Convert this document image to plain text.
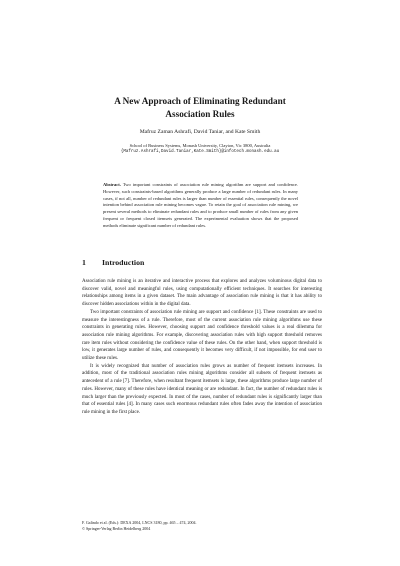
A New Approach of Eliminating Redundant
Association Rules
Mafruz Zaman Ashrafi, David Taniar, and Kate Smith
School of Business Systems, Monash University, Clayton, Vic 3800, Australia
{Mafruz.Ashrafi,David.Taniar,Kate.Smith}@infotech.monash.edu.au
Abstract. Two important constraints of association rule mining algorithm are support and confidence. However, such constraints-based algorithms generally produce a large number of redundant rules. In many cases, if not all, number of redundant rules is larger than number of essential rules, consequently the novel intention behind association rule mining becomes vague. To retain the goal of association rule mining, we present several methods to eliminate redundant rules and to produce small number of rules from any given frequent or frequent closed itemsets generated. The experimental evaluation shows that the proposed methods eliminate significant number of redundant rules.
1 Introduction

Association rule mining is an iterative and interactive process that explores and analyzes voluminous digital data to discover valid, novel and meaningful rules, using computationally efficient techniques. It searches for interesting relationships among items in a given dataset. The main advantage of association rule mining is that it has ability to discover hidden associations within in the digital data.

Two important constraints of association rule mining are support and confidence [1]. These constraints are used to measure the interestingness of a rule. Therefore, most of the current association rule mining algorithms use these constraints in generating rules. However, choosing support and confidence threshold values is a real dilemma for association rule mining algorithms. For example, discovering association rules with high support threshold removes rare item rules without considering the confidence value of these rules. On the other hand, when support threshold is low, it generates large number of rules, and consequently it becomes very difficult, if not impossible, for end user to utilize these rules.

It is widely recognized that number of association rules grows as number of frequent itemsets increases. In addition, most of the traditional association rules mining algorithms consider all subsets of frequent itemsets as antecedent of a rule [7]. Therefore, when resultant frequent itemsets is large, these algorithms produce large number of rules. However, many of these rules have identical meaning or are redundant. In fact, the number of redundant rules is much larger than the previously expected. In most of the cases, number of redundant rules is significantly larger than that of essential rules [4]. In many cases such enormous redundant rules often fades away the intention of association rule mining in the first place.

F. Galindo et al. (Eds.): DEXA 2004, LNCS 3180, pp. 465 – 474, 2004.
© Springer-Verlag Berlin Heidelberg 2004
